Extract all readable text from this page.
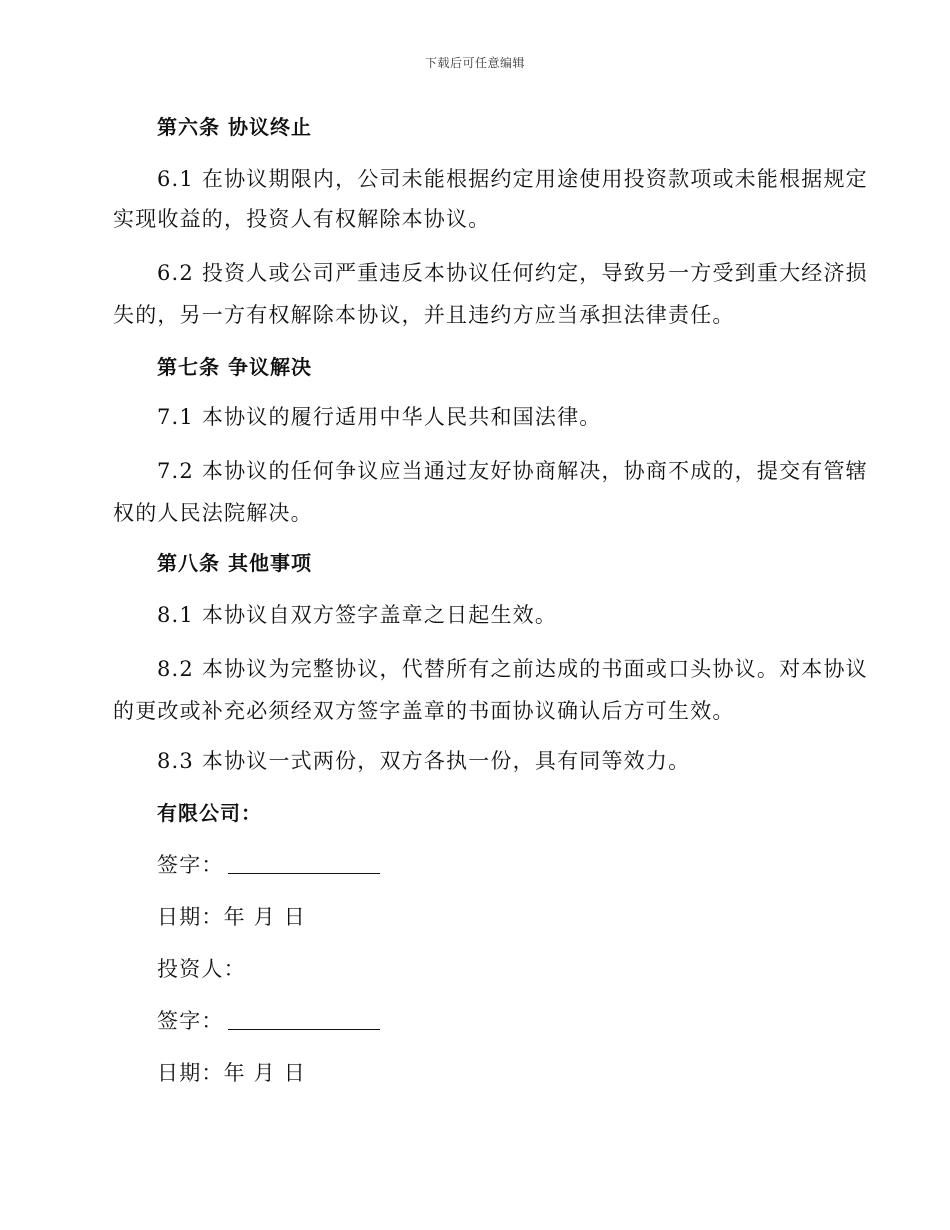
下载后可任意编辑
第六条 协议终止
6.1 在协议期限内，公司未能根据约定用途使用投资款项或未能根据规定
实现收益的，投资人有权解除本协议。
6.2 投资人或公司严重违反本协议任何约定，导致另一方受到重大经济损
失的，另一方有权解除本协议，并且违约方应当承担法律责任。
第七条 争议解决
7.1 本协议的履行适用中华人民共和国法律。
7.2 本协议的任何争议应当通过友好协商解决，协商不成的，提交有管辖
权的人民法院解决。
第八条 其他事项
8.1 本协议自双方签字盖章之日起生效。
8.2 本协议为完整协议，代替所有之前达成的书面或口头协议。对本协议
的更改或补充必须经双方签字盖章的书面协议确认后方可生效。
8.3 本协议一式两份，双方各执一份，具有同等效力。
有限公司：
签字：
日期：年 月 日
投资人：
签字：
日期：年 月 日
